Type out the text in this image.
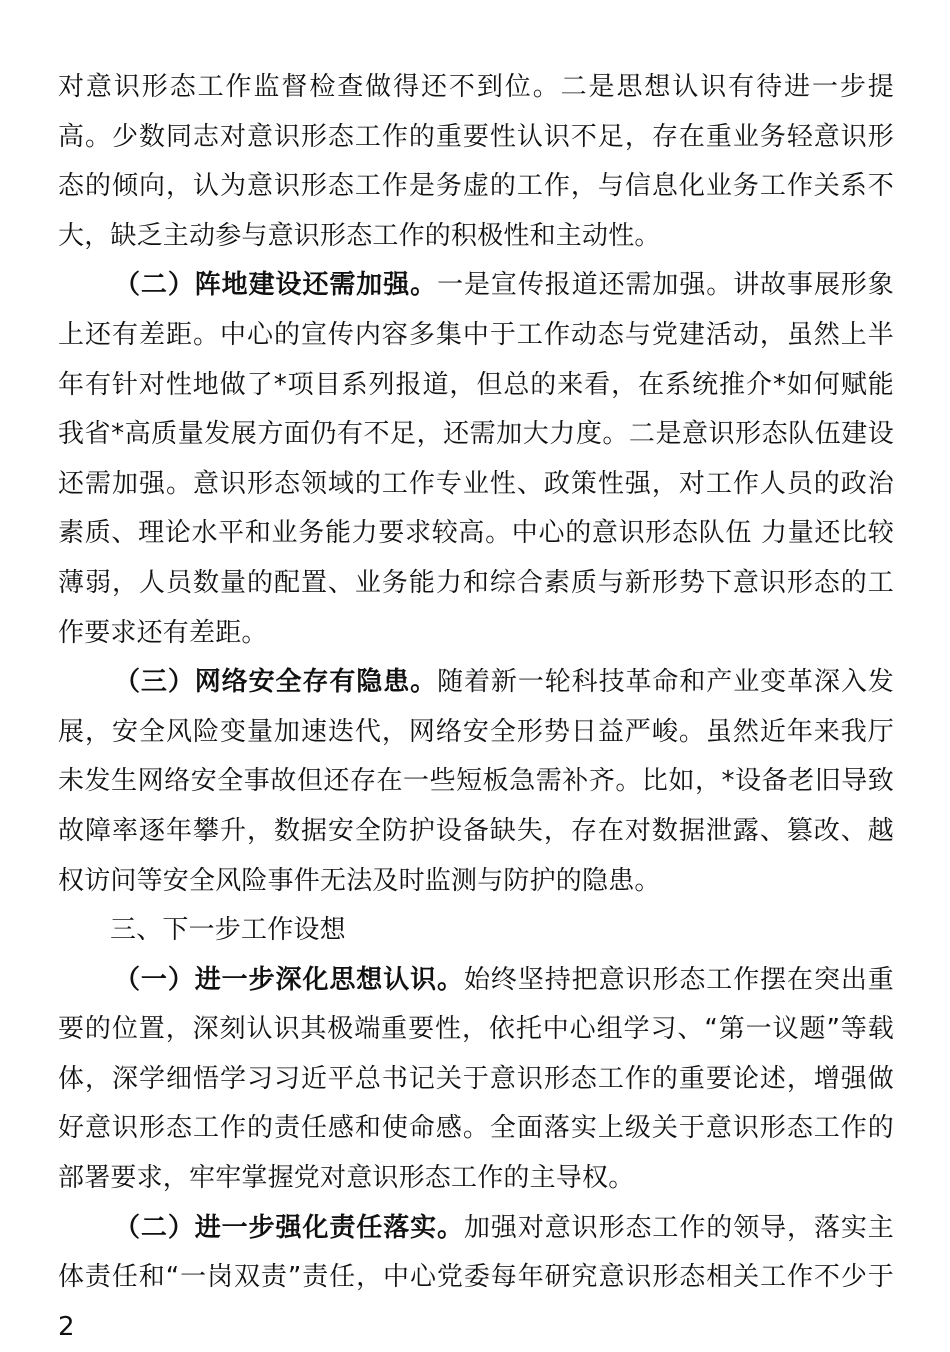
对意识形态工作监督检查做得还不到位。二是思想认识有待进一步提高。少数同志对意识形态工作的重要性认识不足，存在重业务轻意识形态的倾向，认为意识形态工作是务虚的工作，与信息化业务工作关系不大，缺乏主动参与意识形态工作的积极性和主动性。

（二）阵地建设还需加强。一是宣传报道还需加强。讲故事展形象上还有差距。中心的宣传内容多集中于工作动态与党建活动，虽然上半年有针对性地做了*项目系列报道，但总的来看，在系统推介*如何赋能我省*高质量发展方面仍有不足，还需加大力度。二是意识形态队伍建设还需加强。意识形态领域的工作专业性、政策性强，对工作人员的政治素质、理论水平和业务能力要求较高。中心的意识形态队伍 力量还比较薄弱，人员数量的配置、业务能力和综合素质与新形势下意识形态的工作要求还有差距。

（三）网络安全存有隐患。随着新一轮科技革命和产业变革深入发展，安全风险变量加速迭代，网络安全形势日益严峻。虽然近年来我厅未发生网络安全事故但还存在一些短板急需补齐。比如，*设备老旧导致故障率逐年攀升，数据安全防护设备缺失，存在对数据泄露、篡改、越权访问等安全风险事件无法及时监测与防护的隐患。

三、下一步工作设想

（一）进一步深化思想认识。始终坚持把意识形态工作摆在突出重要的位置，深刻认识其极端重要性，依托中心组学习、“第一议题”等载体，深学细悟学习习近平总书记关于意识形态工作的重要论述，增强做好意识形态工作的责任感和使命感。全面落实上级关于意识形态工作的部署要求，牢牢掌握党对意识形态工作的主导权。

（二）进一步强化责任落实。加强对意识形态工作的领导，落实主体责任和“一岗双责”责任，中心党委每年研究意识形态相关工作不少于 2
